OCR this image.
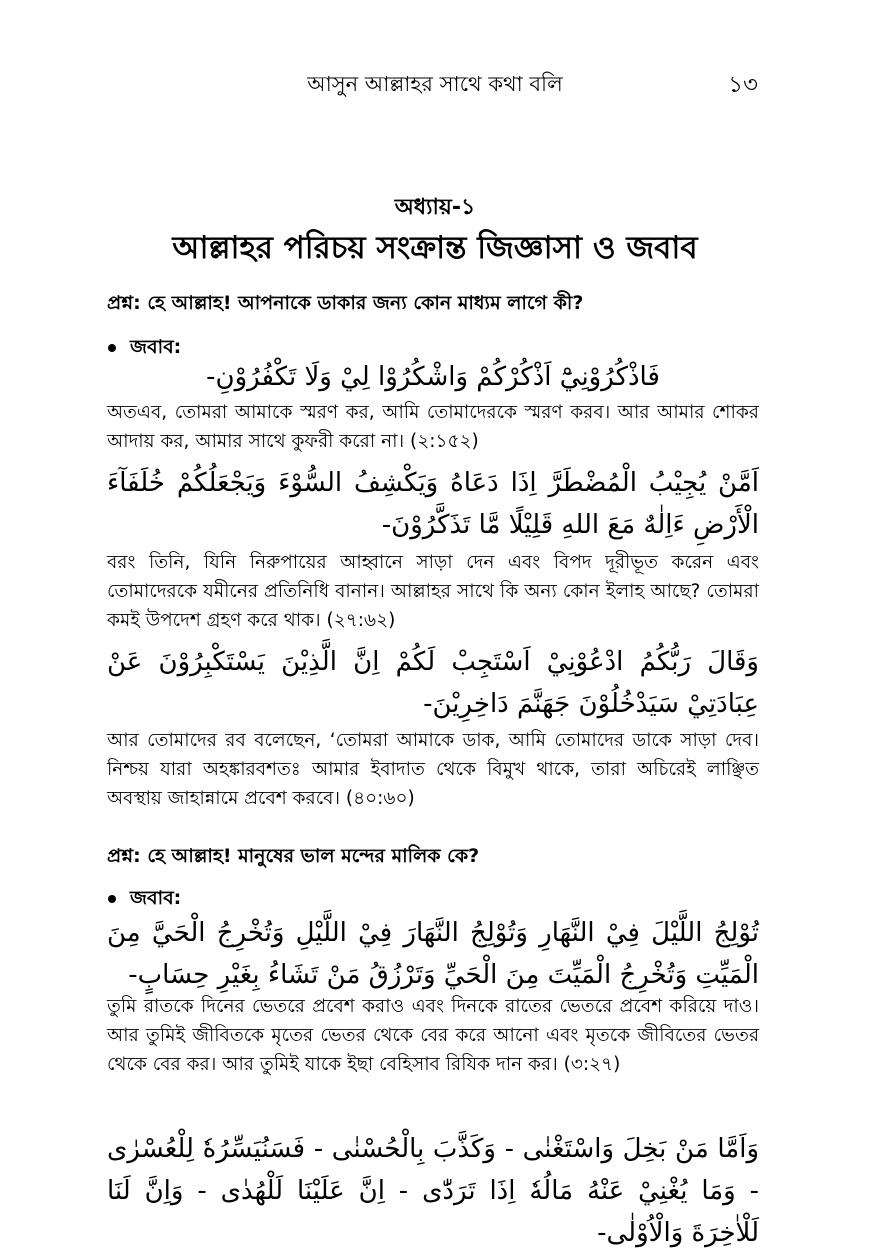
আসুন আল্লাহর সাথে কথা বলি	১৩
অধ্যায়-১
আল্লাহর পরিচয় সংক্রান্ত জিজ্ঞাসা ও জবাব
প্রশ্ন: হে আল্লাহ! আপনাকে ডাকার জন্য কোন মাধ্যম লাগে কী?
জবাব:
فَاذْكُرُوْنِيْٓ اَذْكُرْكُمْ وَاشْكُرُوْا لِيْ وَلَا تَكْفُرُوْنِ-
অতএব, তোমরা আমাকে স্মরণ কর, আমি তোমাদেরকে স্মরণ করব। আর আমার শোকর আদায় কর, আমার সাথে কুফরী করো না। (২:১৫২)
اَمَّنْ يُجِيْبُ الْمُضْطَرَّ اِذَا دَعَاهُ وَيَكْشِفُ السُّوْءَ وَيَجْعَلُكُمْ خُلَفَآءَ الْأَرْضِ ءَاِلٰهٌ مَعَ اللهِ قَلِيْلًا مَّا تَذَكَّرُوْنَ-
বরং তিনি, যিনি নিরুপায়ের আহ্বানে সাড়া দেন এবং বিপদ দূরীভূত করেন এবং তোমাদেরকে যমীনের প্রতিনিধি বানান। আল্লাহর সাথে কি অন্য কোন ইলাহ আছে? তোমরা কমই উপদেশ গ্রহণ করে থাক। (২৭:৬২)
وَقَالَ رَبُّكُمُ ادْعُوْنِيْ اَسْتَجِبْ لَكُمْ اِنَّ الَّذِيْنَ يَسْتَكْبِرُوْنَ عَنْ عِبَادَتِيْ سَيَدْخُلُوْنَ جَهَنَّمَ دَاخِرِيْنَ-
আর তোমাদের রব বলেছেন, ‘তোমরা আমাকে ডাক, আমি তোমাদের ডাকে সাড়া দেব। নিশ্চয় যারা অহঙ্কারবশতঃ আমার ইবাদাত থেকে বিমুখ থাকে, তারা অচিরেই লাঞ্ছিত অবস্থায় জাহান্নামে প্রবেশ করবে। (৪০:৬০)
প্রশ্ন: হে আল্লাহ! মানুষের ভাল মন্দের মালিক কে?
জবাব:
تُوْلِجُ اللَّيْلَ فِيْ النَّهَارِ وَتُوْلِجُ النَّهَارَ فِيْ اللَّيْلِ وَتُخْرِجُ الْحَيَّ مِنَ الْمَيِّتِ وَتُخْرِجُ الْمَيِّتَ مِنَ الْحَيِّ وَتَرْزُقُ مَنْ تَشَاءُ بِغَيْرِ حِسَابٍ-
তুমি রাতকে দিনের ভেতরে প্রবেশ করাও এবং দিনকে রাতের ভেতরে প্রবেশ করিয়ে দাও। আর তুমিই জীবিতকে মৃতের ভেতর থেকে বের করে আনো এবং মৃতকে জীবিতের ভেতর থেকে বের কর। আর তুমিই যাকে ইছা বেহিসাব রিযিক দান কর। (৩:২৭)
وَاَمَّا مَنْ بَخِلَ وَاسْتَغْنٰى - وَكَذَّبَ بِالْحُسْنٰى - فَسَنُيَسِّرُهٗ لِلْعُسْرٰى - وَمَا يُغْنِيْ عَنْهُ مَالُهٗ اِذَا تَرَدّٰى - اِنَّ عَلَيْنَا لَلْهُدٰى - وَاِنَّ لَنَا لَلْاٰخِرَةَ وَالْاُوْلٰى-
